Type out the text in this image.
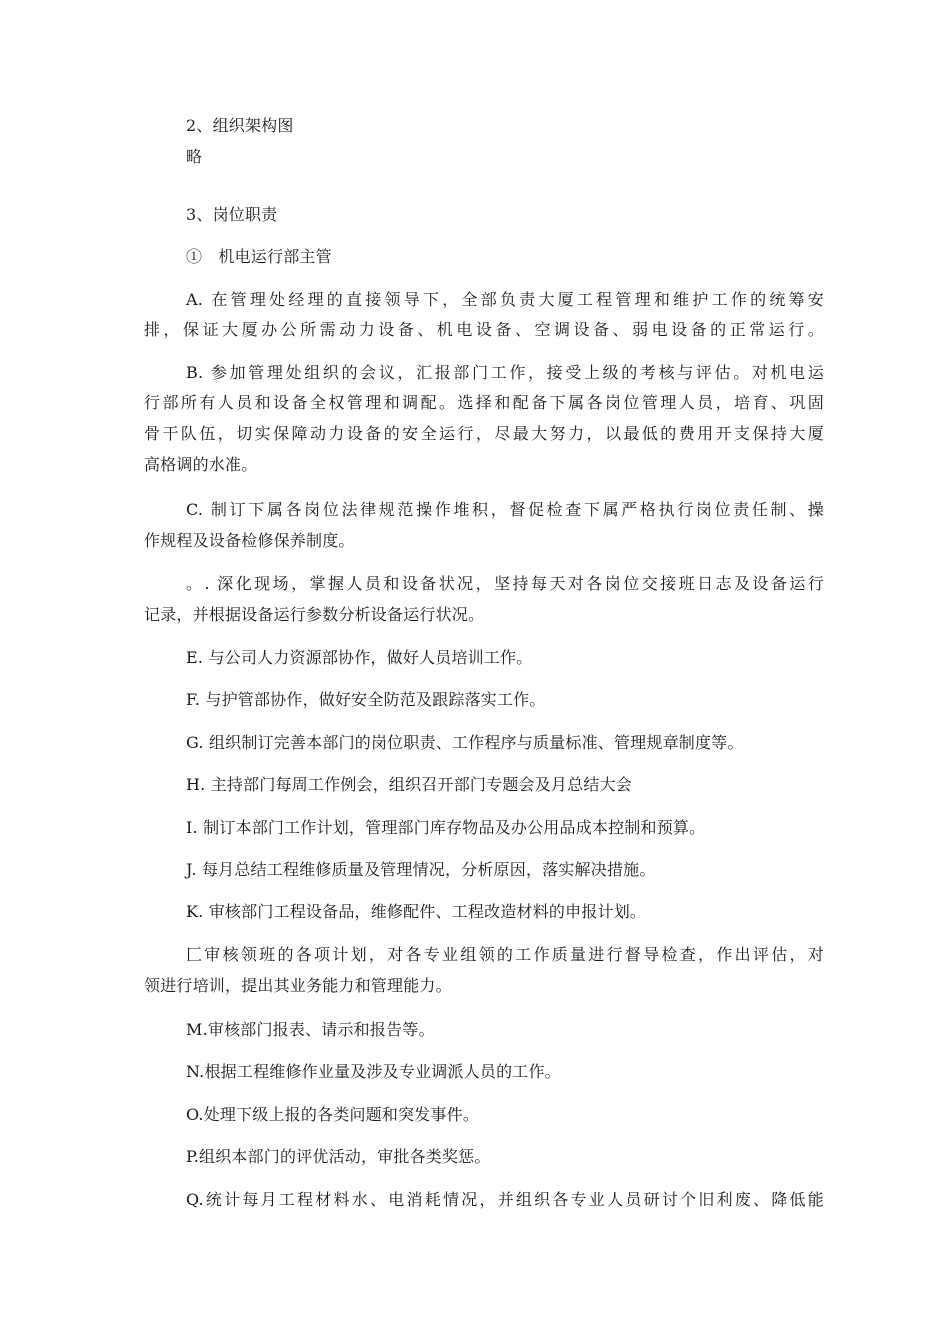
2、组织架构图
略
3、岗位职责
①　机电运行部主管
A. 在管理处经理的直接领导下，全部负责大厦工程管理和维护工作的统筹安
排，保证大厦办公所需动力设备、机电设备、空调设备、弱电设备的正常运行。
B. 参加管理处组织的会议，汇报部门工作，接受上级的考核与评估。对机电运
行部所有人员和设备全权管理和调配。选择和配备下属各岗位管理人员，培育、巩固
骨干队伍，切实保障动力设备的安全运行，尽最大努力，以最低的费用开支保持大厦
高格调的水准。
C. 制订下属各岗位法律规范操作堆积，督促检查下属严格执行岗位责任制、操
作规程及设备检修保养制度。
。. 深化现场，掌握人员和设备状况，坚持每天对各岗位交接班日志及设备运行
记录，并根据设备运行参数分析设备运行状况。
E. 与公司人力资源部协作，做好人员培训工作。
F. 与护管部协作，做好安全防范及跟踪落实工作。
G. 组织制订完善本部门的岗位职责、工作程序与质量标准、管理规章制度等。
H. 主持部门每周工作例会，组织召开部门专题会及月总结大会
I. 制订本部门工作计划，管理部门库存物品及办公用品成本控制和预算。
J. 每月总结工程维修质量及管理情况，分析原因，落实解决措施。
K. 审核部门工程设备品，维修配件、工程改造材料的申报计划。
匚审核领班的各项计划，对各专业组领的工作质量进行督导检查，作出评估，对
领进行培训，提出其业务能力和管理能力。
M.审核部门报表、请示和报告等。
N.根据工程维修作业量及涉及专业调派人员的工作。
O.处理下级上报的各类问题和突发事件。
P.组织本部门的评优活动，审批各类奖惩。
Q.统计每月工程材料水、电消耗情况，并组织各专业人员研讨个旧利废、降低能
